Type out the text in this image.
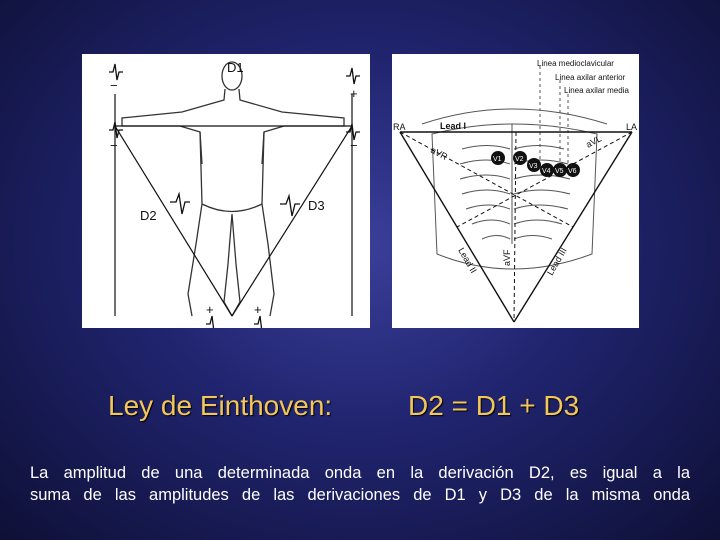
D1
D2
D3
−
+
−	−
+	+
Linea medioclavicular
Linea axilar anterior
Linea axilar media
Lead I
aVR
aVL
aVF
Lead II	Lead III
RA	LA
V1 V2
V3
V4 V5 V6
Ley de Einthoven:	D2 = D1 + D3
La amplitud de una determinada onda en la derivación D2, es igual a la
suma de las amplitudes de las derivaciones de D1 y D3 de la misma onda
